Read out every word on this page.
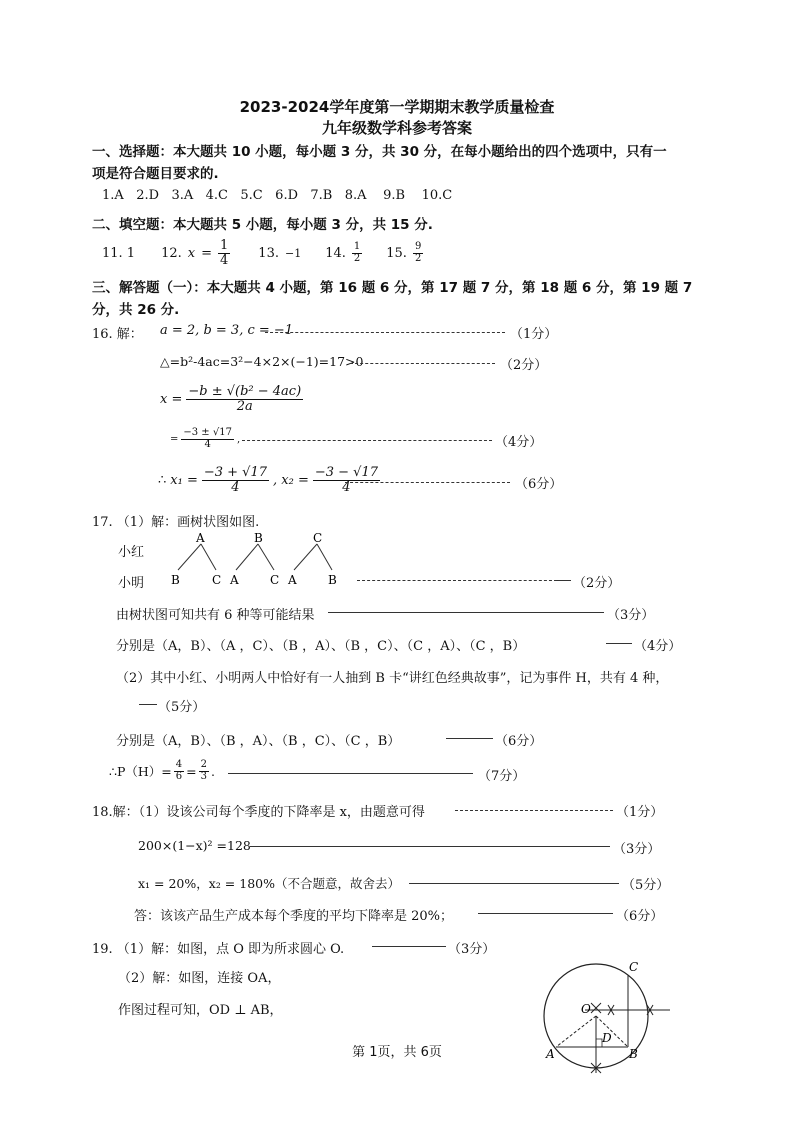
2023-2024学年度第一学期期末教学质量检查
九年级数学科参考答案
一、选择题：本大题共 10 小题，每小题 3 分，共 30 分，在每小题给出的四个选项中，只有一
项是符合题目要求的.
1.A 2.D 3.A 4.C 5.C 6.D 7.B 8.A 9.B 10.C
二、填空题：本大题共 5 小题，每小题 3 分，共 15 分.
11. 1 12. $x = \frac{1}{4} 13$. −1 14. $\frac{1}{2} 15$. $\frac{9}{2}$
三、解答题（一）：本大题共 4 小题，第 16 题 6 分，第 17 题 7 分，第 18 题 6 分，第 19 题 7
分，共 26 分.
16. 解： a = 2, b = 3, c = −1	（1分）
△=b²-4ac=3²−4×2×(−1)=17>0	（2分）
$x = \frac{\text{−b ± √(b² − 4ac)}}{2a}$
= $\frac{-3 \pm √17}{4}$ ,	（4分）
∴ $x_1 = \frac{-3 + √17}{4}$ , $x_2 = \frac{-3 - √17}{4}$	（6分）
17. （1）解：画树状图如图.
小红
小明
A	B	C
B	C A	C A	B	（2分）
由树状图可知共有 6 种等可能结果	（3分）
分别是（A，B）、（A ，C）、（B ，A）、（B ，C）、（C ，A）、（C ，B）	（4分）
（2）其中小红、小明两人中恰好有一人抽到 B 卡“讲红色经典故事”，记为事件 H，共有 4 种，
（5分）
分别是（A，B）、（B ，A）、（B ，C）、（C ，B）	（6分）
∴P（H）= $\frac{4}{6} = \frac{2}{3}$ .	（7分）
18.解：（1）设该公司每个季度的下降率是 x，由题意可得	（1分）
200×(1−x)² =128	（3分）
x₁ = 20%，x₂ = 180%（不合题意，故舍去）	（5分）
答：该该产品生产成本每个季度的平均下降率是 20%；	（6分）
19. （1）解：如图，点 O 即为所求圆心 O.	（3分）
（2）解：如图，连接 OA，
作图过程可知，OD ⊥ AB，
C
O
D
A	B
第 1页，共 6页
